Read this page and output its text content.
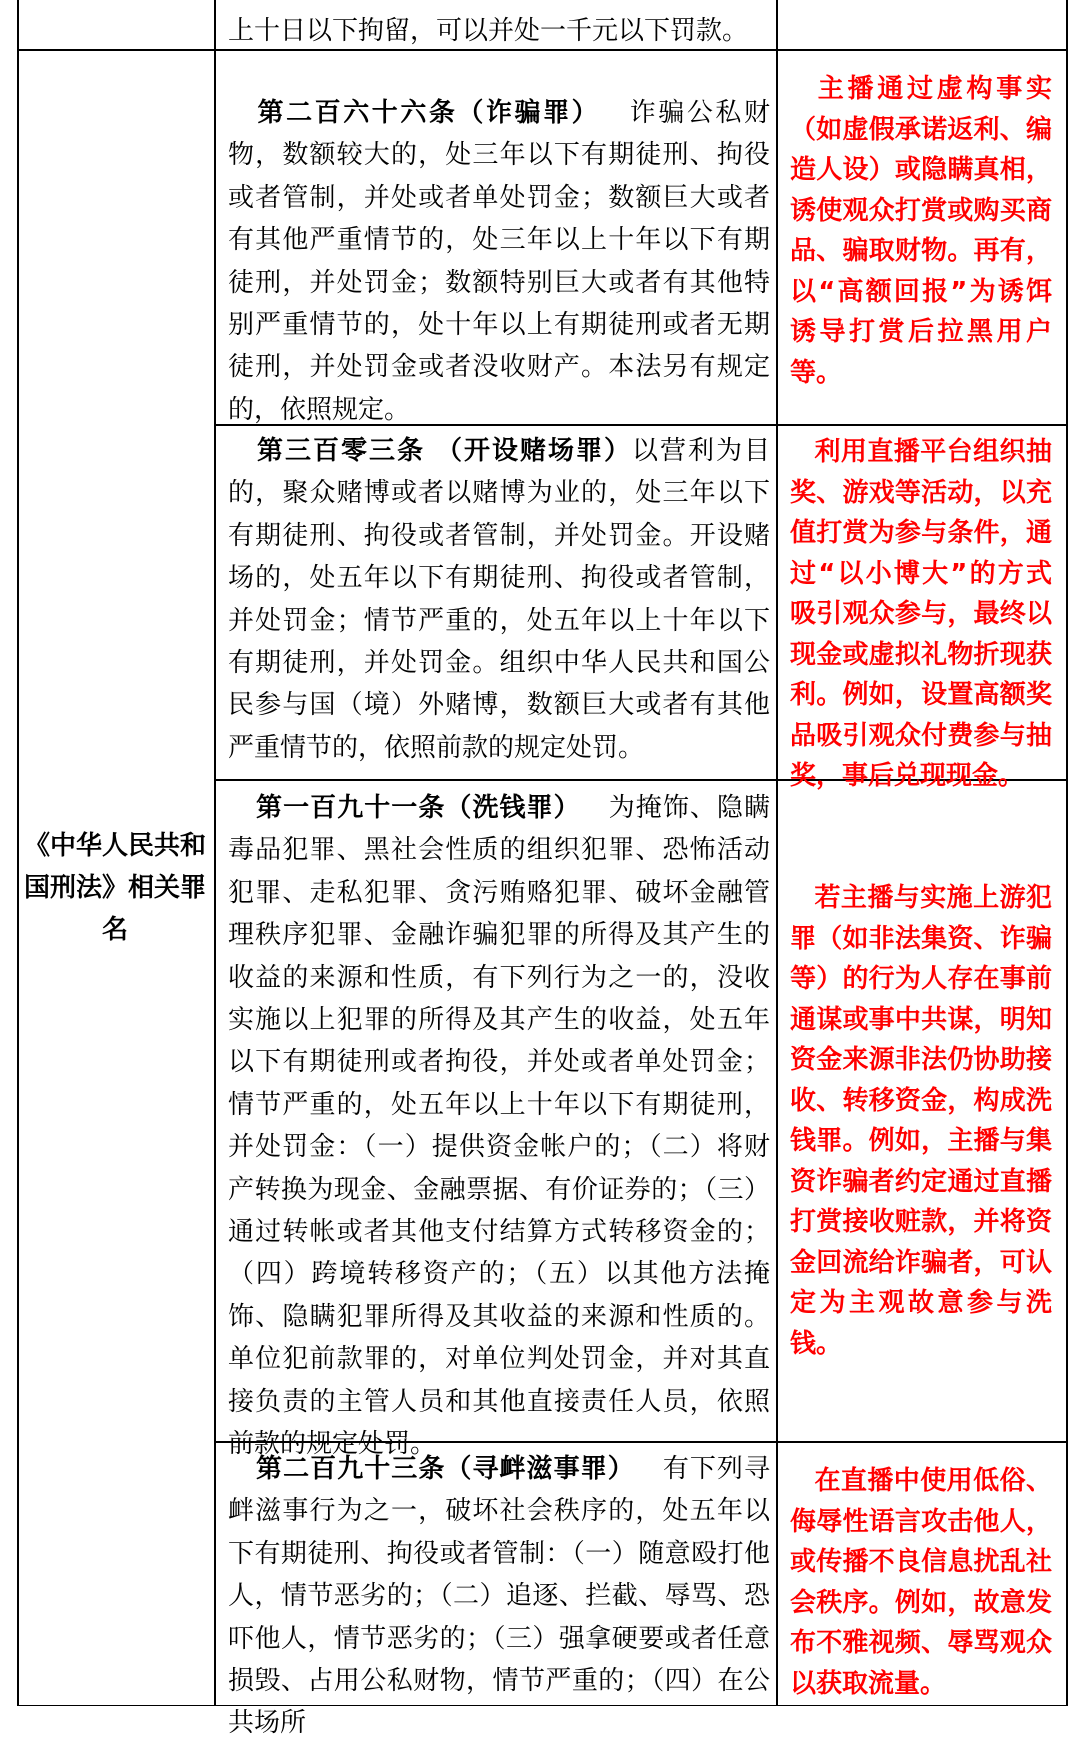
上十日以下拘留，可以并处一千元以下罚款。

《中华人民共和国刑法》相关罪名

第二百六十六条（诈骗罪） 诈骗公私财物，数额较大的，处三年以下有期徒刑、拘役或者管制，并处或者单处罚金；数额巨大或者有其他严重情节的，处三年以上十年以下有期徒刑，并处罚金；数额特别巨大或者有其他特别严重情节的，处十年以上有期徒刑或者无期徒刑，并处罚金或者没收财产。本法另有规定的，依照规定。

主播通过虚构事实（如虚假承诺返利、编造人设）或隐瞒真相，诱使观众打赏或购买商品、骗取财物。再有，以“高额回报”为诱饵诱导打赏后拉黑用户等。

第三百零三条 （开设赌场罪）以营利为目的，聚众赌博或者以赌博为业的，处三年以下有期徒刑、拘役或者管制，并处罚金。开设赌场的，处五年以下有期徒刑、拘役或者管制，并处罚金；情节严重的，处五年以上十年以下有期徒刑，并处罚金。组织中华人民共和国公民参与国（境）外赌博，数额巨大或者有其他严重情节的，依照前款的规定处罚。

利用直播平台组织抽奖、游戏等活动，以充值打赏为参与条件，通过“以小博大”的方式吸引观众参与，最终以现金或虚拟礼物折现获利。例如，设置高额奖品吸引观众付费参与抽奖，事后兑现现金。

第一百九十一条（洗钱罪） 为掩饰、隐瞒毒品犯罪、黑社会性质的组织犯罪、恐怖活动犯罪、走私犯罪、贪污贿赂犯罪、破坏金融管理秩序犯罪、金融诈骗犯罪的所得及其产生的收益的来源和性质，有下列行为之一的，没收实施以上犯罪的所得及其产生的收益，处五年以下有期徒刑或者拘役，并处或者单处罚金；情节严重的，处五年以上十年以下有期徒刑，并处罚金：（一）提供资金帐户的；（二）将财产转换为现金、金融票据、有价证券的；（三）通过转帐或者其他支付结算方式转移资金的；（四）跨境转移资产的；（五）以其他方法掩饰、隐瞒犯罪所得及其收益的来源和性质的。单位犯前款罪的，对单位判处罚金，并对其直接负责的主管人员和其他直接责任人员，依照前款的规定处罚。

若主播与实施上游犯罪（如非法集资、诈骗等）的行为人存在事前通谋或事中共谋，明知资金来源非法仍协助接收、转移资金，构成洗钱罪。例如，主播与集资诈骗者约定通过直播打赏接收赃款，并将资金回流给诈骗者，可认定为主观故意参与洗钱。

第二百九十三条（寻衅滋事罪） 有下列寻衅滋事行为之一，破坏社会秩序的，处五年以下有期徒刑、拘役或者管制：（一）随意殴打他人，情节恶劣的；（二）追逐、拦截、辱骂、恐吓他人，情节恶劣的；（三）强拿硬要或者任意损毁、占用公私财物，情节严重的；（四）在公共场所

在直播中使用低俗、侮辱性语言攻击他人，或传播不良信息扰乱社会秩序。例如，故意发布不雅视频、辱骂观众以获取流量。
